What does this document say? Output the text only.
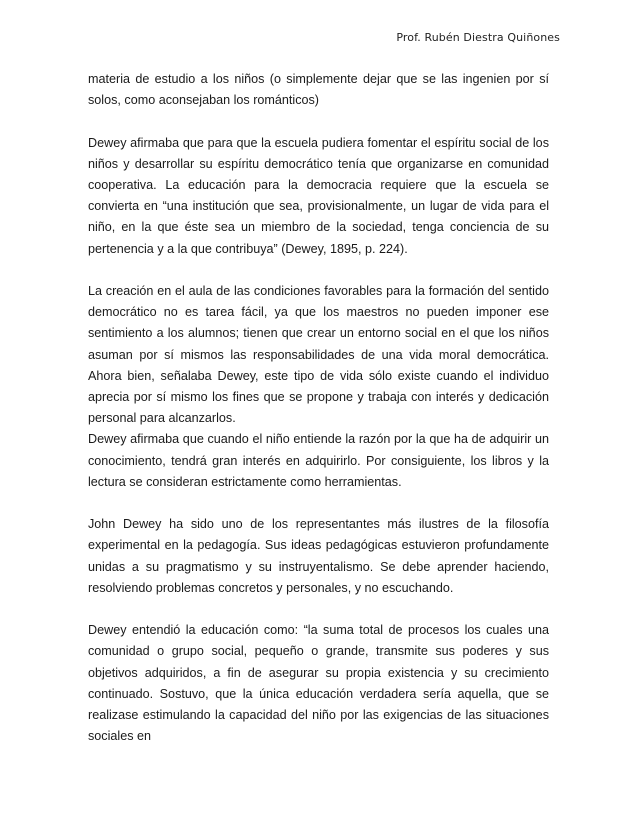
Prof. Rubén Diestra Quiñones

materia de estudio a los niños (o simplemente dejar que se las ingenien por sí solos, como aconsejaban los románticos)

Dewey afirmaba que para que la escuela pudiera fomentar el espíritu social de los niños y desarrollar su espíritu democrático tenía que organizarse en comunidad cooperativa. La educación para la democracia requiere que la escuela se convierta en “una institución que sea, provisionalmente, un lugar de vida para el niño, en la que éste sea un miembro de la sociedad, tenga conciencia de su pertenencia y a la que contribuya” (Dewey, 1895, p. 224).

La creación en el aula de las condiciones favorables para la formación del sentido democrático no es tarea fácil, ya que los maestros no pueden imponer ese sentimiento a los alumnos; tienen que crear un entorno social en el que los niños asuman por sí mismos las responsabilidades de una vida moral democrática. Ahora bien, señalaba Dewey, este tipo de vida sólo existe cuando el individuo aprecia por sí mismo los fines que se propone y trabaja con interés y dedicación personal para alcanzarlos.

Dewey afirmaba que cuando el niño entiende la razón por la que ha de adquirir un conocimiento, tendrá gran interés en adquirirlo. Por consiguiente, los libros y la lectura se consideran estrictamente como herramientas.

John Dewey ha sido uno de los representantes más ilustres de la filosofía experimental en la pedagogía. Sus ideas pedagógicas estuvieron profundamente unidas a su pragmatismo y su instruyentalismo. Se debe aprender haciendo, resolviendo problemas concretos y personales, y no escuchando.

Dewey entendió la educación como: “la suma total de procesos los cuales una comunidad o grupo social, pequeño o grande, transmite sus poderes y sus objetivos adquiridos, a fin de asegurar su propia existencia y su crecimiento continuado. Sostuvo, que la única educación verdadera sería aquella, que se realizase estimulando la capacidad del niño por las exigencias de las situaciones sociales en
